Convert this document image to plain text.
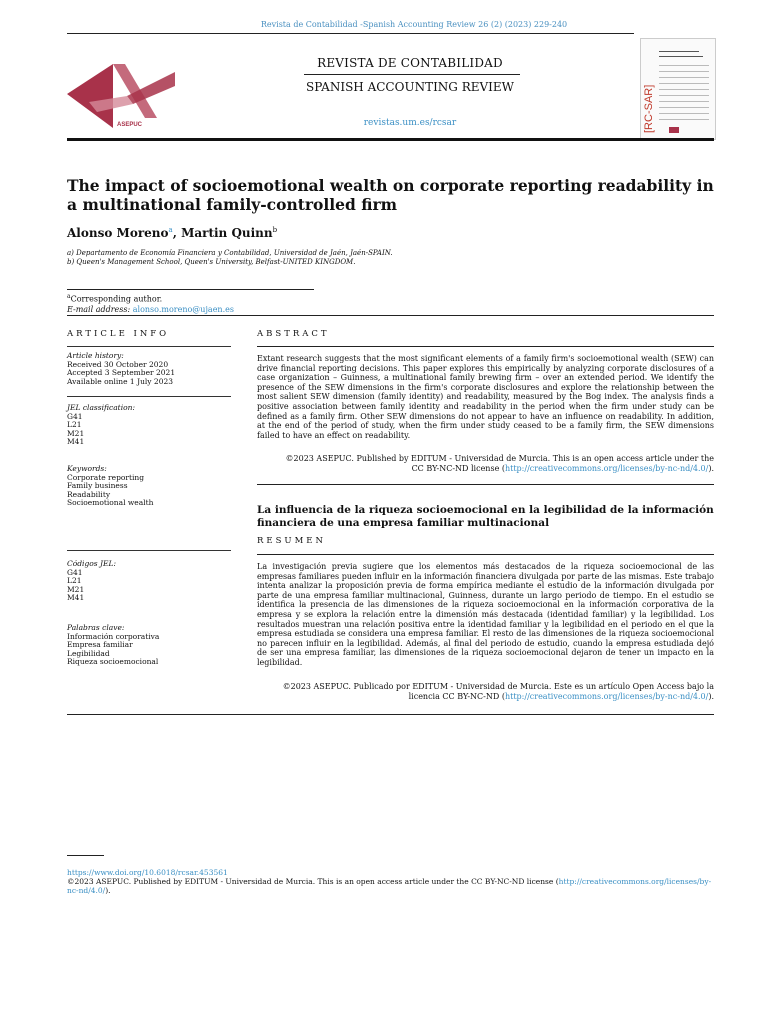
Revista de Contabilidad -Spanish Accounting Review 26 (2) (2023) 229-240
ASEPUC
REVISTA DE CONTABILIDAD
SPANISH ACCOUNTING REVIEW
revistas.um.es/rcsar	[RC-SAR]
The impact of socioemotional wealth on corporate reporting readability in a multinational family-controlled firm
Alonso Moreno$^a$, Martin Quinn$^b$
a) Departamento de Economía Financiera y Contabilidad, Universidad de Jaén, Jaén-SPAIN.
b) Queen's Management School, Queen's University, Belfast-UNITED KINGDOM.
$^a$Corresponding author.
E-mail address: alonso.moreno@ujaen.es
ARTICLE INFO
Article history:
Received 30 October 2020
Accepted 3 September 2021
Available online 1 July 2023
JEL classification:
G41
L21
M21
M41
Keywords:
Corporate reporting
Family business
Readability
Socioemotional wealth
Códigos JEL:
G41
L21
M21
M41
Palabras clave:
Información corporativa
Empresa familiar
Legibilidad
Riqueza socioemocional
ABSTRACT
Extant research suggests that the most significant elements of a family firm's socioemotional wealth (SEW) can drive financial reporting decisions. This paper explores this empirically by analyzing corporate disclosures of a case organization – Guinness, a multinational family brewing firm – over an extended period. We identify the presence of the SEW dimensions in the firm's corporate disclosures and explore the relationship between the most salient SEW dimension (family identity) and readability, measured by the Bog index. The analysis finds a positive association between family identity and readability in the period when the firm under study can be defined as a family firm. Other SEW dimensions do not appear to have an influence on readability. In addition, at the end of the period of study, when the firm under study ceased to be a family firm, the SEW dimensions failed to have an effect on readability.
©2023 ASEPUC. Published by EDITUM - Universidad de Murcia. This is an open access article under the
CC BY-NC-ND license (http://creativecommons.org/licenses/by-nc-nd/4.0/).
La influencia de la riqueza socioemocional en la legibilidad de la información financiera de una empresa familiar multinacional
RESUMEN
La investigación previa sugiere que los elementos más destacados de la riqueza socioemocional de las empresas familiares pueden influir en la información financiera divulgada por parte de las mismas. Este trabajo intenta analizar la proposición previa de forma empírica mediante el estudio de la información divulgada por parte de una empresa familiar multinacional, Guinness, durante un largo periodo de tiempo. En el estudio se identifica la presencia de las dimensiones de la riqueza socioemocional en la información corporativa de la empresa y se explora la relación entre la dimensión más destacada (identidad familiar) y la legibilidad. Los resultados muestran una relación positiva entre la identidad familiar y la legibilidad en el periodo en el que la empresa estudiada se considera una empresa familiar. El resto de las dimensiones de la riqueza socioemocional no parecen influir en la legibilidad. Además, al final del periodo de estudio, cuando la empresa estudiada dejó de ser una empresa familiar, las dimensiones de la riqueza socioemocional dejaron de tener un impacto en la legibilidad.
©2023 ASEPUC. Publicado por EDITUM - Universidad de Murcia. Este es un artículo Open Access bajo la
licencia CC BY-NC-ND (http://creativecommons.org/licenses/by-nc-nd/4.0/).
https://www.doi.org/10.6018/rcsar.453561
©2023 ASEPUC. Published by EDITUM - Universidad de Murcia. This is an open access article under the CC BY-NC-ND license (http://creativecommons.org/licenses/by-nc-nd/4.0/).
